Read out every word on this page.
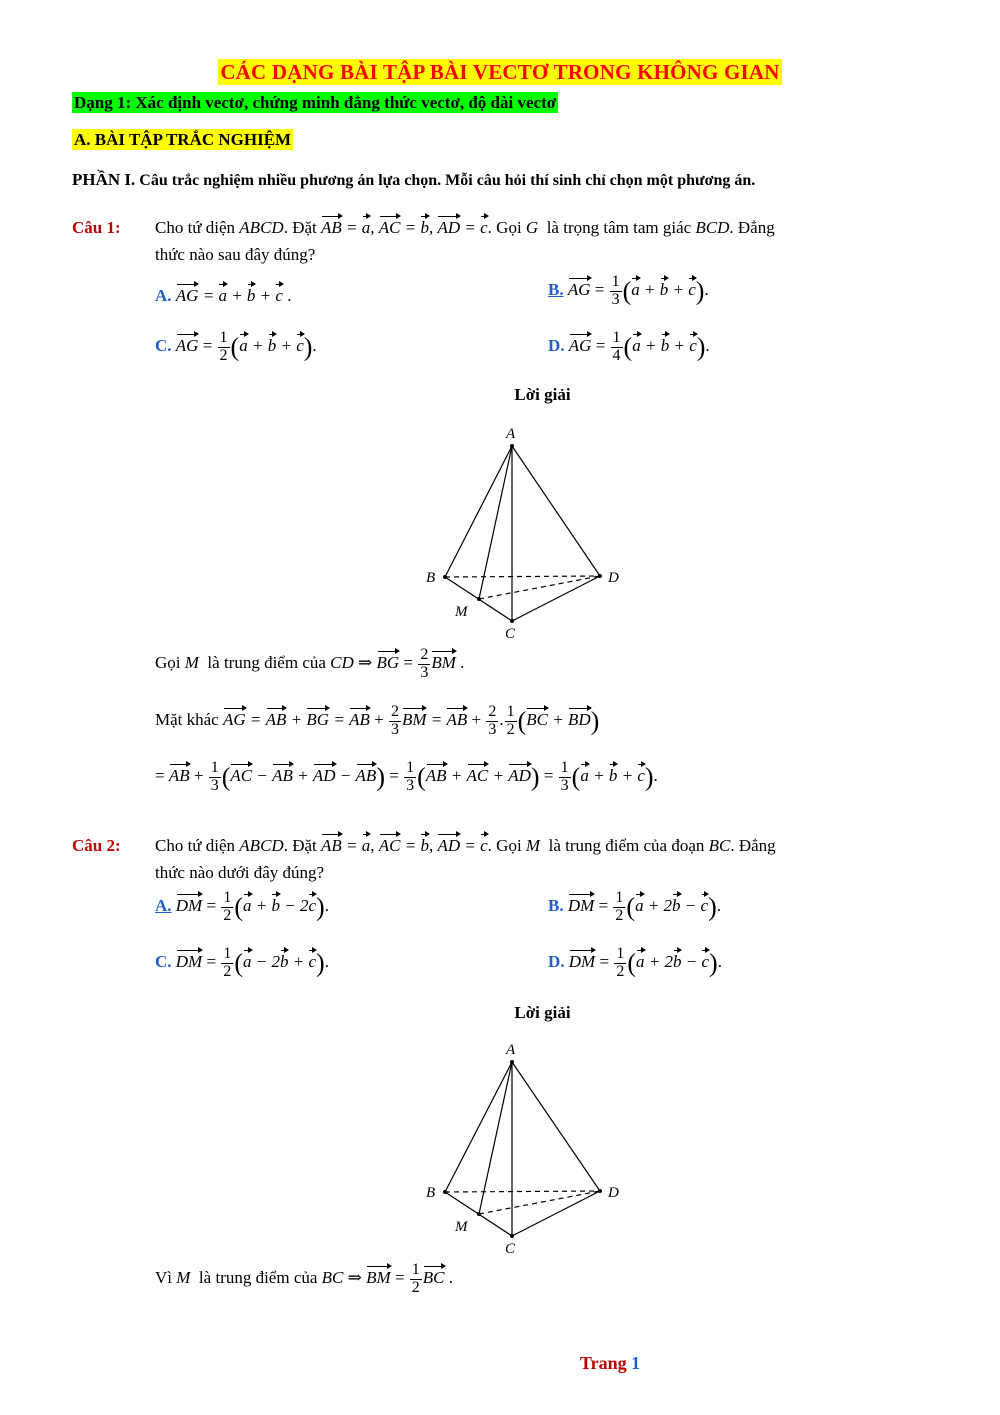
CÁC DẠNG BÀI TẬP BÀI VECTƠ TRONG KHÔNG GIAN
Dạng 1: Xác định vectơ, chứng minh đẳng thức vectơ, độ dài vectơ
A. BÀI TẬP TRẮC NGHIỆM
PHẦN I. Câu trắc nghiệm nhiều phương án lựa chọn. Mỗi câu hỏi thí sinh chỉ chọn một phương án.
Câu 1: Cho tứ diện ABCD. Đặt AB = a, AC = b, AD = c. Gọi G là trọng tâm tam giác BCD. Đẳng
thức nào sau đây đúng?
A. AG = a + b + c .	B. AG = $\frac{1}{3} (a + b + c)$.
C. AG = $\frac{1}{2} (a + b + c)$.	D. AG = $\frac{1}{4} (a + b + c)$.
Lời giải
A
B
C
D
M
Gọi M là trung điểm của CD ⇒ BG = $\frac{2}{3}$ BM .
Mặt khác AG = AB + BG = AB + $\frac{2}{3}$ BM = AB + $\frac{2}{3}$ . $\frac{1}{2} (BC + BD)$
= AB + $\frac{1}{3} (AC$ − AB + AD − $AB) = \frac{1}{3} (AB$ + AC + $AD) = \frac{1}{3} (a + b + c)$.
Câu 2: Cho tứ diện ABCD. Đặt AB = a, AC = b, AD = c. Gọi M là trung điểm của đoạn BC. Đẳng
thức nào dưới đây đúng?
A. DM = $\frac{1}{2} (a + b - 2c)$.	B. DM = $\frac{1}{2} (a + 2b - c)$.
C. DM = $\frac{1}{2} (a - 2b + c)$.	D. DM = $\frac{1}{2} (a + 2b - c)$.
Lời giải
A
B
C
D
M
Vì M là trung điểm của BC ⇒ BM = $\frac{1}{2}$ BC .
Trang 1
